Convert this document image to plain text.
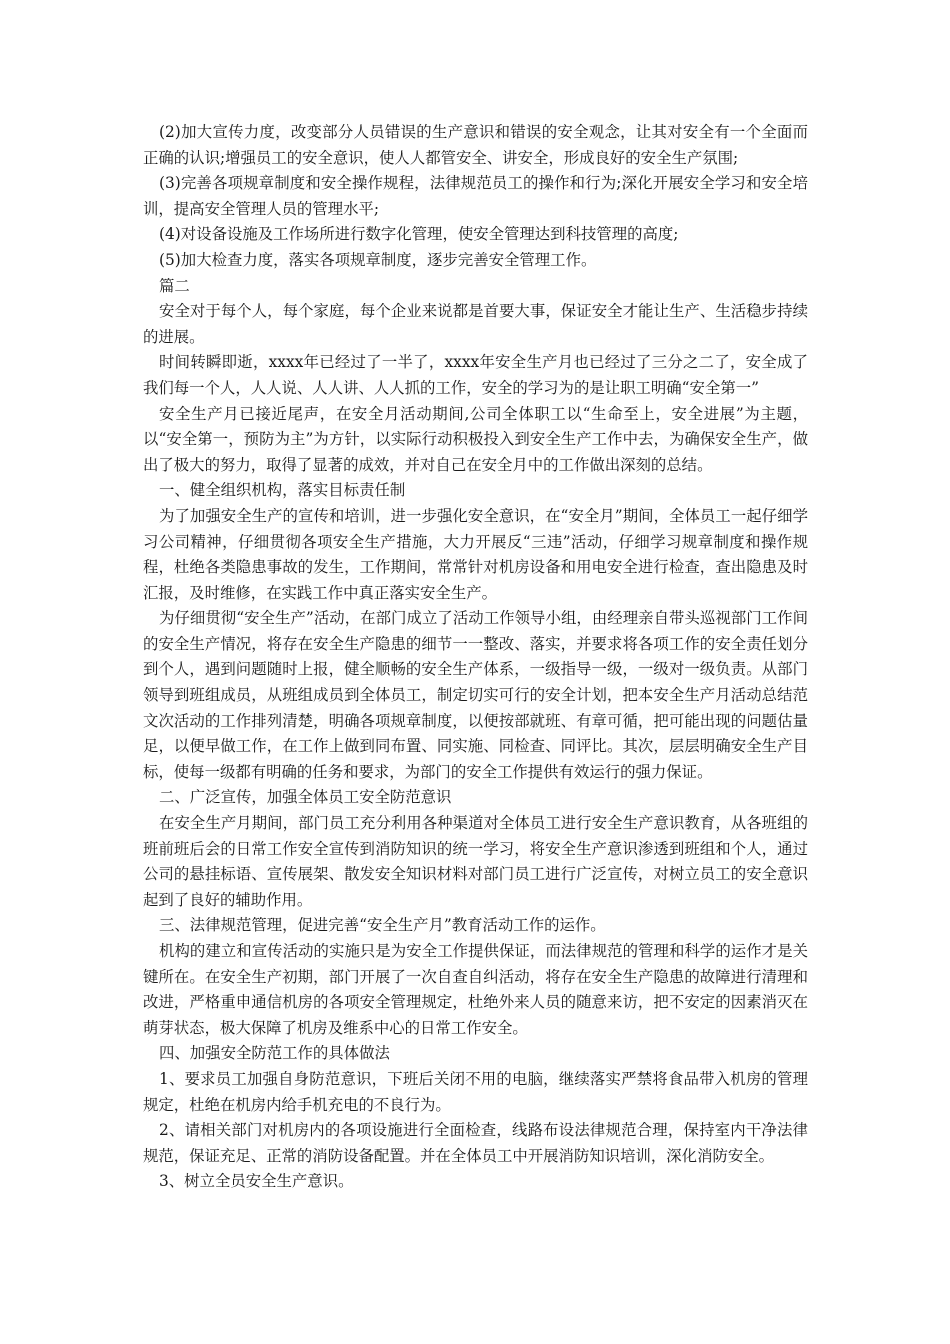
(2)加大宣传力度，改变部分人员错误的生产意识和错误的安全观念，让其对安全有一个全面而正确的认识;增强员工的安全意识，使人人都管安全、讲安全，形成良好的安全生产氛围;

(3)完善各项规章制度和安全操作规程，法律规范员工的操作和行为;深化开展安全学习和安全培训，提高安全管理人员的管理水平;

(4)对设备设施及工作场所进行数字化管理，使安全管理达到科技管理的高度;

(5)加大检查力度，落实各项规章制度，逐步完善安全管理工作。

篇二

安全对于每个人，每个家庭，每个企业来说都是首要大事，保证安全才能让生产、生活稳步持续的进展。

时间转瞬即逝，xxxx年已经过了一半了，xxxx年安全生产月也已经过了三分之二了，安全成了我们每一个人，人人说、人人讲、人人抓的工作，安全的学习为的是让职工明确“安全第一”

安全生产月已接近尾声，在安全月活动期间,公司全体职工以“生命至上，安全进展”为主题，以“安全第一，预防为主”为方针，以实际行动积极投入到安全生产工作中去，为确保安全生产，做出了极大的努力，取得了显著的成效，并对自己在安全月中的工作做出深刻的总结。

一、健全组织机构，落实目标责任制

为了加强安全生产的宣传和培训，进一步强化安全意识，在“安全月”期间，全体员工一起仔细学习公司精神，仔细贯彻各项安全生产措施，大力开展反“三违”活动，仔细学习规章制度和操作规程，杜绝各类隐患事故的发生，工作期间，常常针对机房设备和用电安全进行检查，查出隐患及时汇报，及时维修，在实践工作中真正落实安全生产。

为仔细贯彻“安全生产”活动，在部门成立了活动工作领导小组，由经理亲自带头巡视部门工作间的安全生产情况，将存在安全生产隐患的细节一一整改、落实，并要求将各项工作的安全责任划分到个人，遇到问题随时上报，健全顺畅的安全生产体系，一级指导一级，一级对一级负责。从部门领导到班组成员，从班组成员到全体员工，制定切实可行的安全计划，把本安全生产月活动总结范文次活动的工作排列清楚，明确各项规章制度，以便按部就班、有章可循，把可能出现的问题估量足，以便早做工作，在工作上做到同布置、同实施、同检查、同评比。其次，层层明确安全生产目标，使每一级都有明确的任务和要求，为部门的安全工作提供有效运行的强力保证。

二、广泛宣传，加强全体员工安全防范意识

在安全生产月期间，部门员工充分利用各种渠道对全体员工进行安全生产意识教育，从各班组的班前班后会的日常工作安全宣传到消防知识的统一学习，将安全生产意识渗透到班组和个人，通过公司的悬挂标语、宣传展架、散发安全知识材料对部门员工进行广泛宣传，对树立员工的安全意识起到了良好的辅助作用。

三、法律规范管理，促进完善“安全生产月”教育活动工作的运作。

机构的建立和宣传活动的实施只是为安全工作提供保证，而法律规范的管理和科学的运作才是关键所在。在安全生产初期，部门开展了一次自查自纠活动，将存在安全生产隐患的故障进行清理和改进，严格重申通信机房的各项安全管理规定，杜绝外来人员的随意来访，把不安定的因素消灭在萌芽状态，极大保障了机房及维系中心的日常工作安全。

四、加强安全防范工作的具体做法

1、要求员工加强自身防范意识，下班后关闭不用的电脑，继续落实严禁将食品带入机房的管理规定，杜绝在机房内给手机充电的不良行为。

2、请相关部门对机房内的各项设施进行全面检查，线路布设法律规范合理，保持室内干净法律规范，保证充足、正常的消防设备配置。并在全体员工中开展消防知识培训，深化消防安全。

3、树立全员安全生产意识。
